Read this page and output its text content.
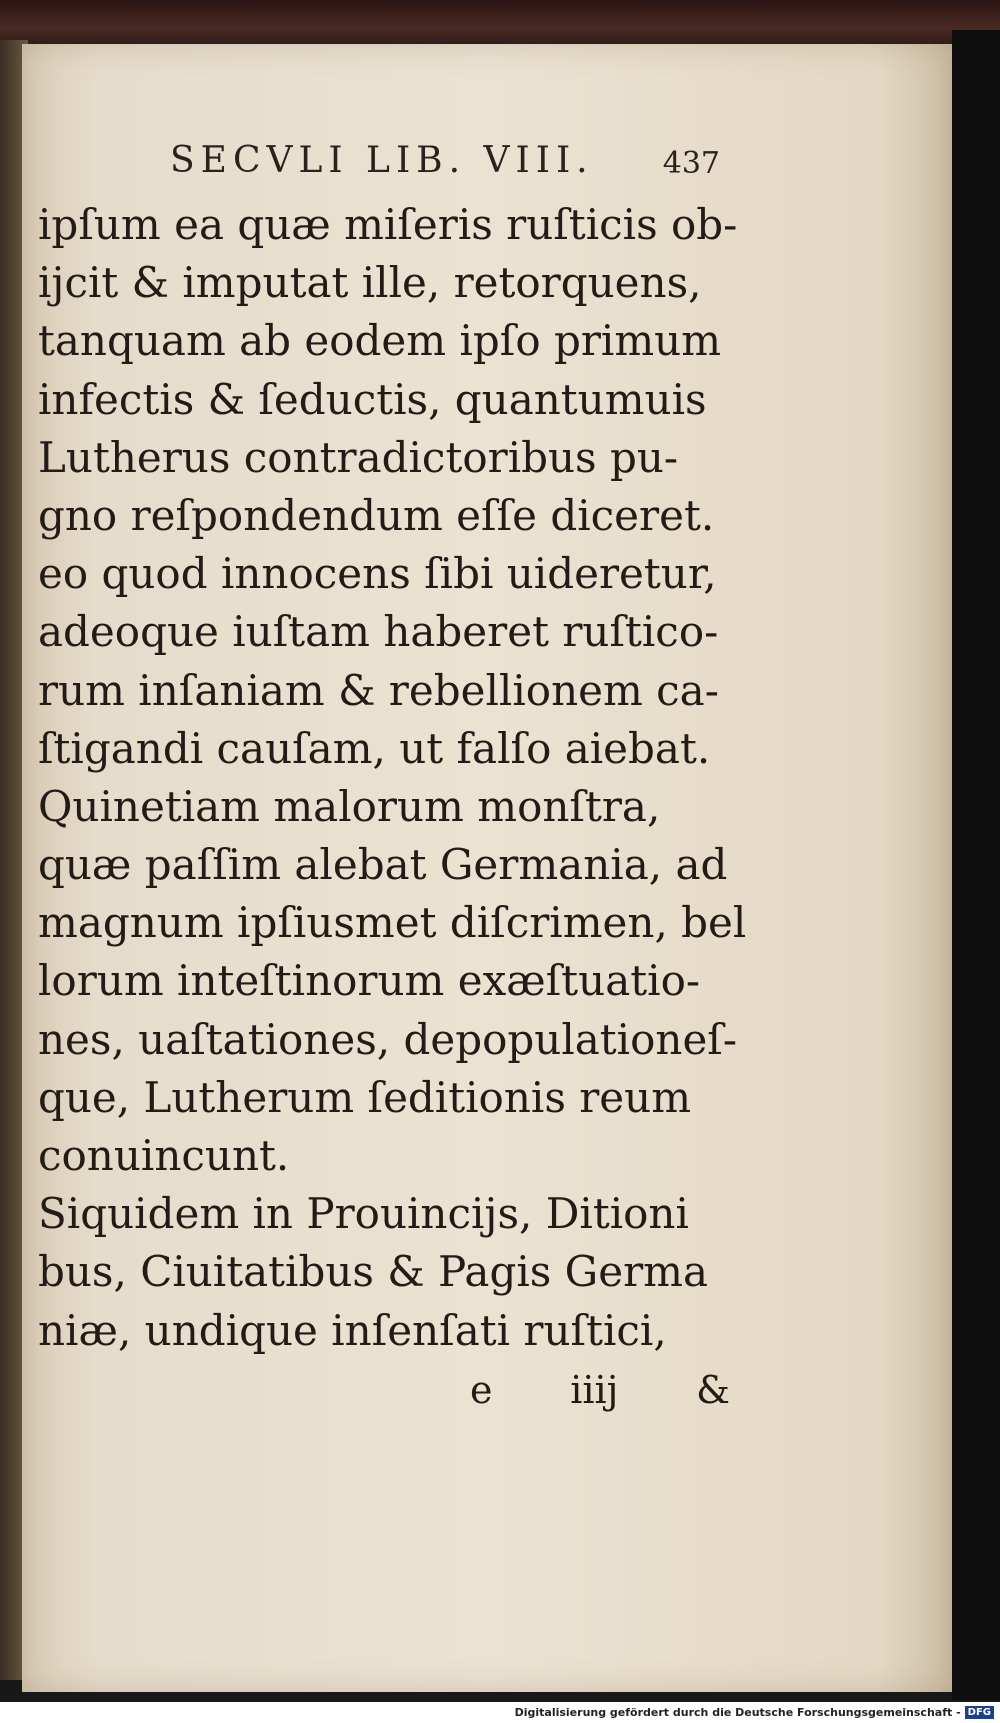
SECVLI LIB. VIII.	437
ipſum ea quæ miſeris ruſticis ob-
ijcit & imputat ille, retorquens,
tanquam ab eodem ipſo primum
infectis & ſeductis, quantumuis
Lutherus contradictoribus pu-
gno reſpondendum eſſe diceret.
eo quod innocens ſibi uideretur,
adeoque iuſtam haberet ruſtico-
rum inſaniam & rebellionem ca-
ſtigandi cauſam, ut falſo aiebat.
Quinetiam malorum monſtra,
quæ paſſim alebat Germania, ad
magnum ipſiusmet diſcrimen, bel
lorum inteſtinorum exæſtuatio-
nes, uaſtationes, depopulationeſ-
que, Lutherum ſeditionis reum
conuincunt.
Siquidem in Prouincijs, Ditioni
bus, Ciuitatibus & Pagis Germa
niæ, undique inſenſati ruſtici,
e iiij &
Digitalisierung gefördert durch die Deutsche Forschungsgemeinschaft - DFG
